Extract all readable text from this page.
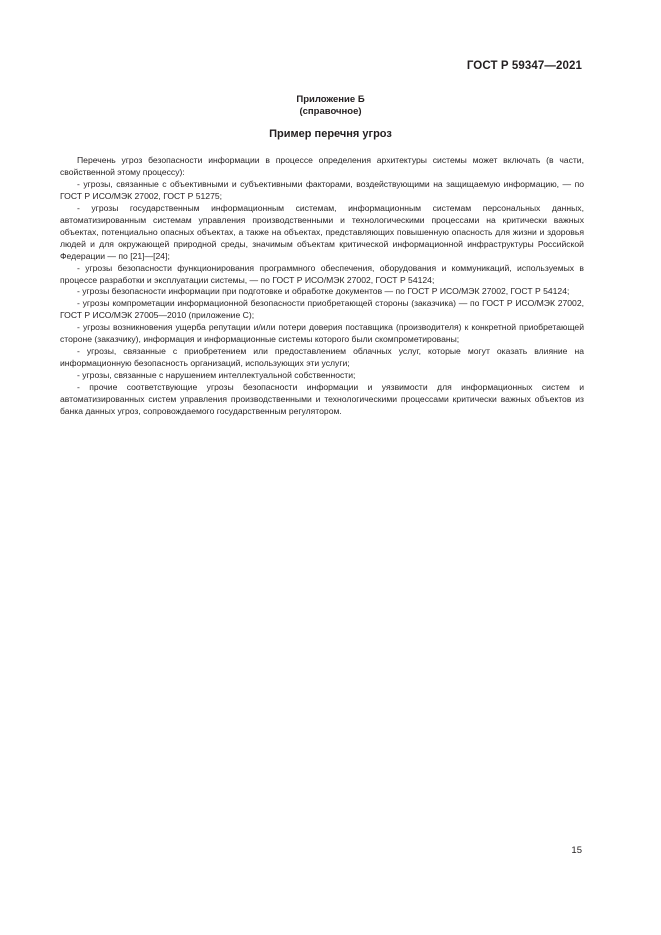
ГОСТ Р 59347—2021
Приложение Б
(справочное)
Пример перечня угроз

Перечень угроз безопасности информации в процессе определения архитектуры системы может включать (в части, свойственной этому процессу):

- угрозы, связанные с объективными и субъективными факторами, воздействующими на защищаемую информацию, — по ГОСТ Р ИСО/МЭК 27002, ГОСТ Р 51275;

- угрозы государственным информационным системам, информационным системам персональных данных, автоматизированным системам управления производственными и технологическими процессами на критически важных объектах, потенциально опасных объектах, а также на объектах, представляющих повышенную опасность для жизни и здоровья людей и для окружающей природной среды, значимым объектам критической информационной инфраструктуры Российской Федерации — по [21]—[24];

- угрозы безопасности функционирования программного обеспечения, оборудования и коммуникаций, используемых в процессе разработки и эксплуатации системы, — по ГОСТ Р ИСО/МЭК 27002, ГОСТ Р 54124;

- угрозы безопасности информации при подготовке и обработке документов — по ГОСТ Р ИСО/МЭК 27002, ГОСТ Р 54124;

- угрозы компрометации информационной безопасности приобретающей стороны (заказчика) — по ГОСТ Р ИСО/МЭК 27002, ГОСТ Р ИСО/МЭК 27005—2010 (приложение С);

- угрозы возникновения ущерба репутации и/или потери доверия поставщика (производителя) к конкретной приобретающей стороне (заказчику), информация и информационные системы которого были скомпрометированы;

- угрозы, связанные с приобретением или предоставлением облачных услуг, которые могут оказать влияние на информационную безопасность организаций, использующих эти услуги;

- угрозы, связанные с нарушением интеллектуальной собственности;

- прочие соответствующие угрозы безопасности информации и уязвимости для информационных систем и автоматизированных систем управления производственными и технологическими процессами критически важных объектов из банка данных угроз, сопровождаемого государственным регулятором.

15
